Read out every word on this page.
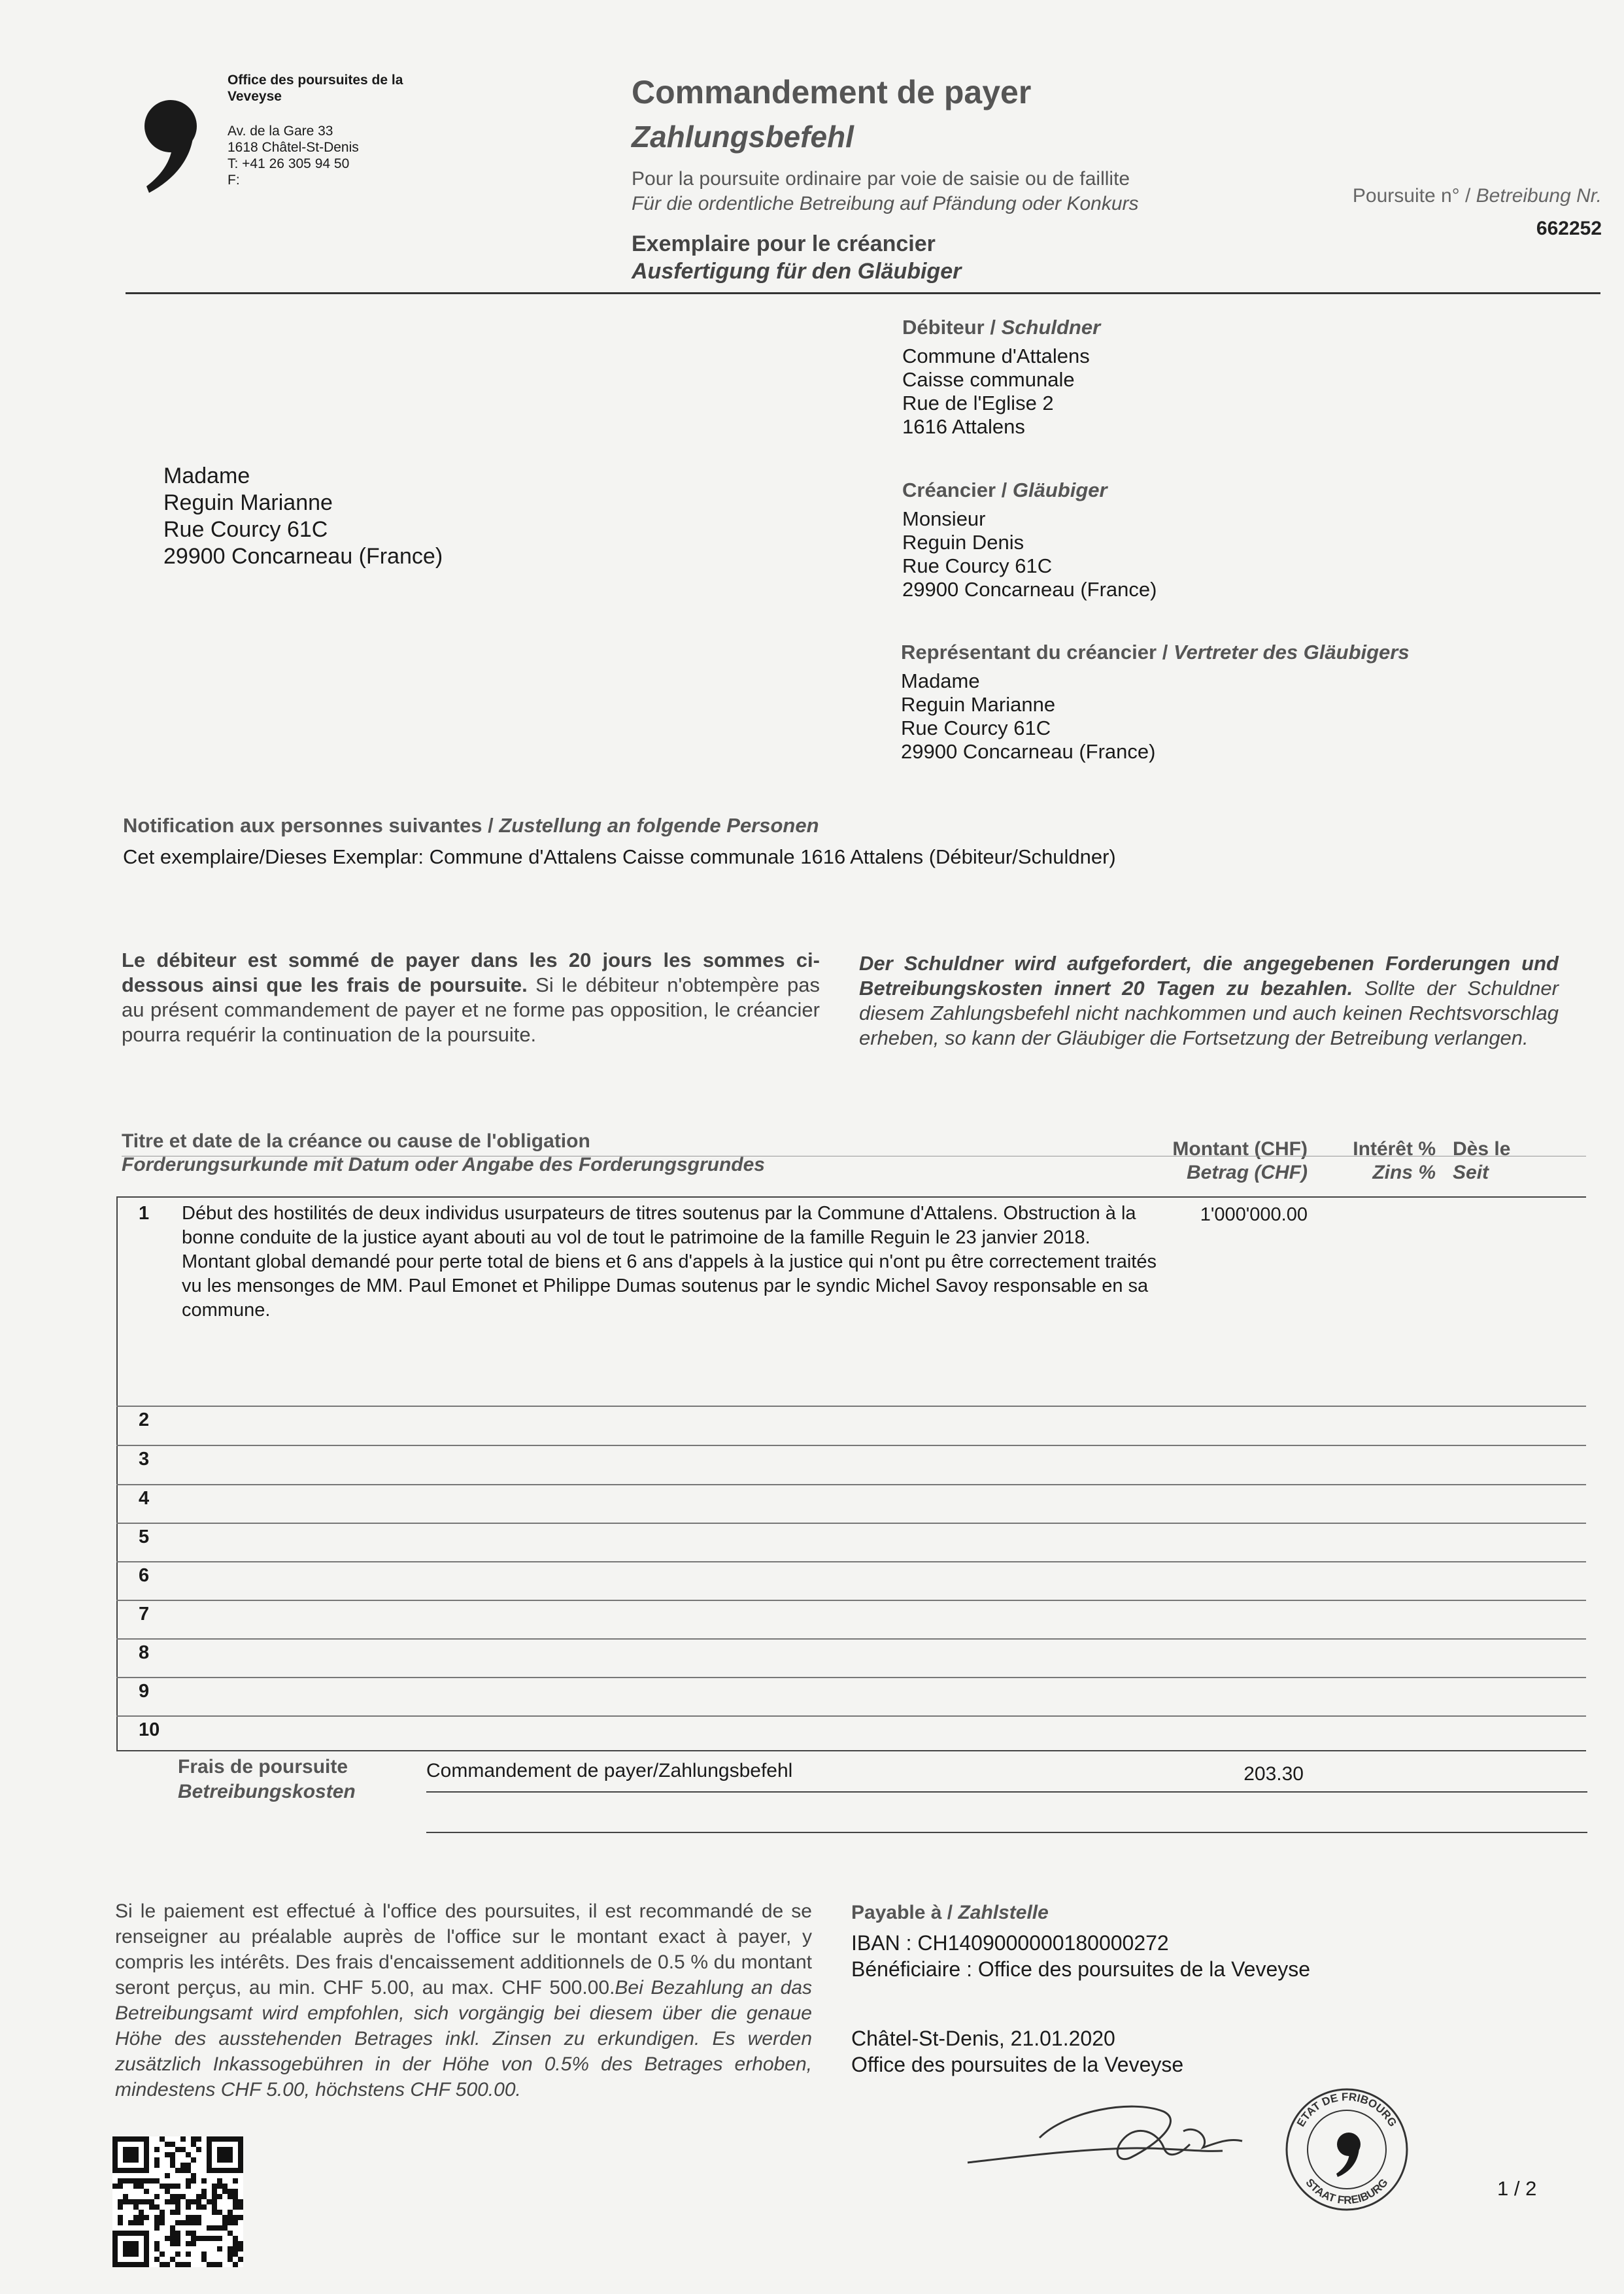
Office des poursuites de la
Veveyse
Av. de la Gare 33
1618 Châtel-St-Denis
T: +41 26 305 94 50
F:
Commandement de payer
Zahlungsbefehl
Pour la poursuite ordinaire par voie de saisie ou de faillite
Für die ordentliche Betreibung auf Pfändung oder Konkurs
Exemplaire pour le créancier
Ausfertigung für den Gläubiger
Poursuite n° / Betreibung Nr.
662252
Madame
Reguin Marianne
Rue Courcy 61C
29900 Concarneau (France)
Débiteur / Schuldner
Commune d'Attalens
Caisse communale
Rue de l'Eglise 2
1616 Attalens
Créancier / Gläubiger
Monsieur
Reguin Denis
Rue Courcy 61C
29900 Concarneau (France)
Représentant du créancier / Vertreter des Gläubigers
Madame
Reguin Marianne
Rue Courcy 61C
29900 Concarneau (France)
Notification aux personnes suivantes / Zustellung an folgende Personen
Cet exemplaire/Dieses Exemplar: Commune d'Attalens Caisse communale 1616 Attalens (Débiteur/Schuldner)
Le débiteur est sommé de payer dans les 20 jours les sommes ci-dessous ainsi que les frais de poursuite. Si le débiteur n'obtempère pas au présent commandement de payer et ne forme pas opposition, le créancier pourra requérir la continuation de la poursuite.
Der Schuldner wird aufgefordert, die angegebenen Forderungen und Betreibungskosten innert 20 Tagen zu bezahlen. Sollte der Schuldner diesem Zahlungsbefehl nicht nachkommen und auch keinen Rechtsvorschlag erheben, so kann der Gläubiger die Fortsetzung der Betreibung verlangen.
Titre et date de la créance ou cause de l'obligation
Forderungsurkunde mit Datum oder Angabe des Forderungsgrundes
Montant (CHF)
Betrag (CHF)
Intérêt %
Zins %
Dès le
Seit
1 Début des hostilités de deux individus usurpateurs de titres soutenus par la Commune d'Attalens. Obstruction à la bonne conduite de la justice ayant abouti au vol de tout le patrimoine de la famille Reguin le 23 janvier 2018. Montant global demandé pour perte total de biens et 6 ans d'appels à la justice qui n'ont pu être correctement traités vu les mensonges de MM. Paul Emonet et Philippe Dumas soutenus par le syndic Michel Savoy responsable en sa commune.
1'000'000.00
2
3
4
5
6
7
8
9
10
Frais de poursuite
Betreibungskosten
Commandement de payer/Zahlungsbefehl	203.30
Si le paiement est effectué à l'office des poursuites, il est recommandé de se renseigner au préalable auprès de l'office sur le montant exact à payer, y compris les intérêts. Des frais d'encaissement additionnels de 0.5 % du montant seront perçus, au min. CHF 5.00, au max. CHF 500.00.Bei Bezahlung an das Betreibungsamt wird empfohlen, sich vorgängig bei diesem über die genaue Höhe des ausstehenden Betrages inkl. Zinsen zu erkundigen. Es werden zusätzlich Inkassogebühren in der Höhe von 0.5% des Betrages erhoben, mindestens CHF 5.00, höchstens CHF 500.00.
Payable à / Zahlstelle
IBAN : CH1409000000180000272
Bénéficiaire : Office des poursuites de la Veveyse
Châtel-St-Denis, 21.01.2020
Office des poursuites de la Veveyse
ETAT DE FRIBOURG
STAAT FREIBURG	1 / 2
